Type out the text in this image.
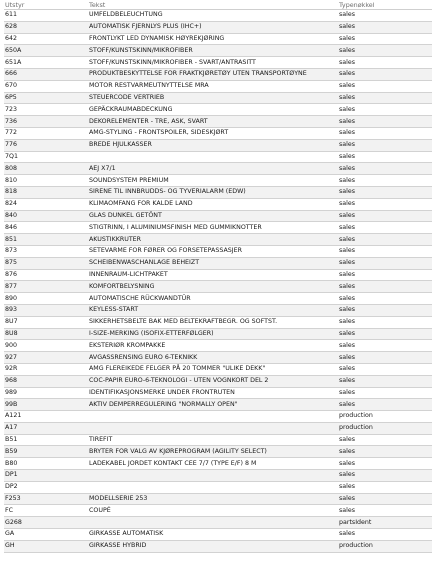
Utstyr	Tekst	Typenøkkel
611	UMFELDBELEUCHTUNG	sales
628	AUTOMATISK FJERNLYS PLUS (IHC+)	sales
642	FRONTLYKT LED DYNAMISK HØYREKJØRING	sales
650A	STOFF/KUNSTSKINN/MIKROFIBER	sales
651A	STOFF/KUNSTSKINN/MIKROFIBER - SVART/ANTRASITT	sales
666	PRODUKTBESKYTTELSE FOR FRAKTKJØRETØY UTEN TRANSPORTØYNE	sales
670	MOTOR RESTVARMEUTNYTTELSE MRA	sales
6P5	STEUERCODE VERTRIEB	sales
723	GEPÄCKRAUMABDECKUNG	sales
736	DEKORELEMENTER - TRE, ASK, SVART	sales
772	AMG-STYLING - FRONTSPOILER, SIDESKJØRT	sales
776	BREDE HJULKASSER	sales
7Q1		sales
808	AEJ X7/1	sales
810	SOUNDSYSTEM PREMIUM	sales
818	SIRENE TIL INNBRUDDS- OG TYVERIALARM (EDW)	sales
824	KLIMAOMFANG FOR KALDE LAND	sales
840	GLAS DUNKEL GETÖNT	sales
846	STIGTRINN, I ALUMINIUMSFINISH MED GUMMIKNOTTER	sales
851	AKUSTIKKRUTER	sales
873	SETEVARME FOR FØRER OG FORSETEPASSASJER	sales
875	SCHEIBENWASCHANLAGE BEHEIZT	sales
876	INNENRAUM-LICHTPAKET	sales
877	KOMFORTBELYSNING	sales
890	AUTOMATISCHE RÜCKWANDTÜR	sales
893	KEYLESS-START	sales
8U7	SIKKERHETSBELTE BAK MED BELTEKRAFTBEGR. OG SOFTST.	sales
8U8	I-SIZE-MERKING (ISOFIX-ETTERFØLGER)	sales
900	EKSTERIØR KROMPAKKE	sales
927	AVGASSRENSING EURO 6-TEKNIKK	sales
92R	AMG FLEREIKEDE FELGER PÅ 20 TOMMER "ULIKE DEKK"	sales
968	COC-PAPIR EURO-6-TEKNOLOGI - UTEN VOGNKORT DEL 2	sales
989	IDENTIFIKASJONSMERKE UNDER FRONTRUTEN	sales
99B	AKTIV DEMPERREGULERING "NORMALLY OPEN"	sales
A121		production
A17		production
B51	TIREFIT	sales
B59	BRYTER FOR VALG AV KJØREPROGRAM (AGILITY SELECT)	sales
B80	LADEKABEL JORDET KONTAKT CEE 7/7 (TYPE E/F) 8 M	sales
DP1		sales
DP2		sales
F253	MODELLSERIE 253	sales
FC	COUPÉ	sales
G268		partsIdent
GA	GIRKASSE AUTOMATISK	sales
GH	GIRKASSE HYBRID	production
